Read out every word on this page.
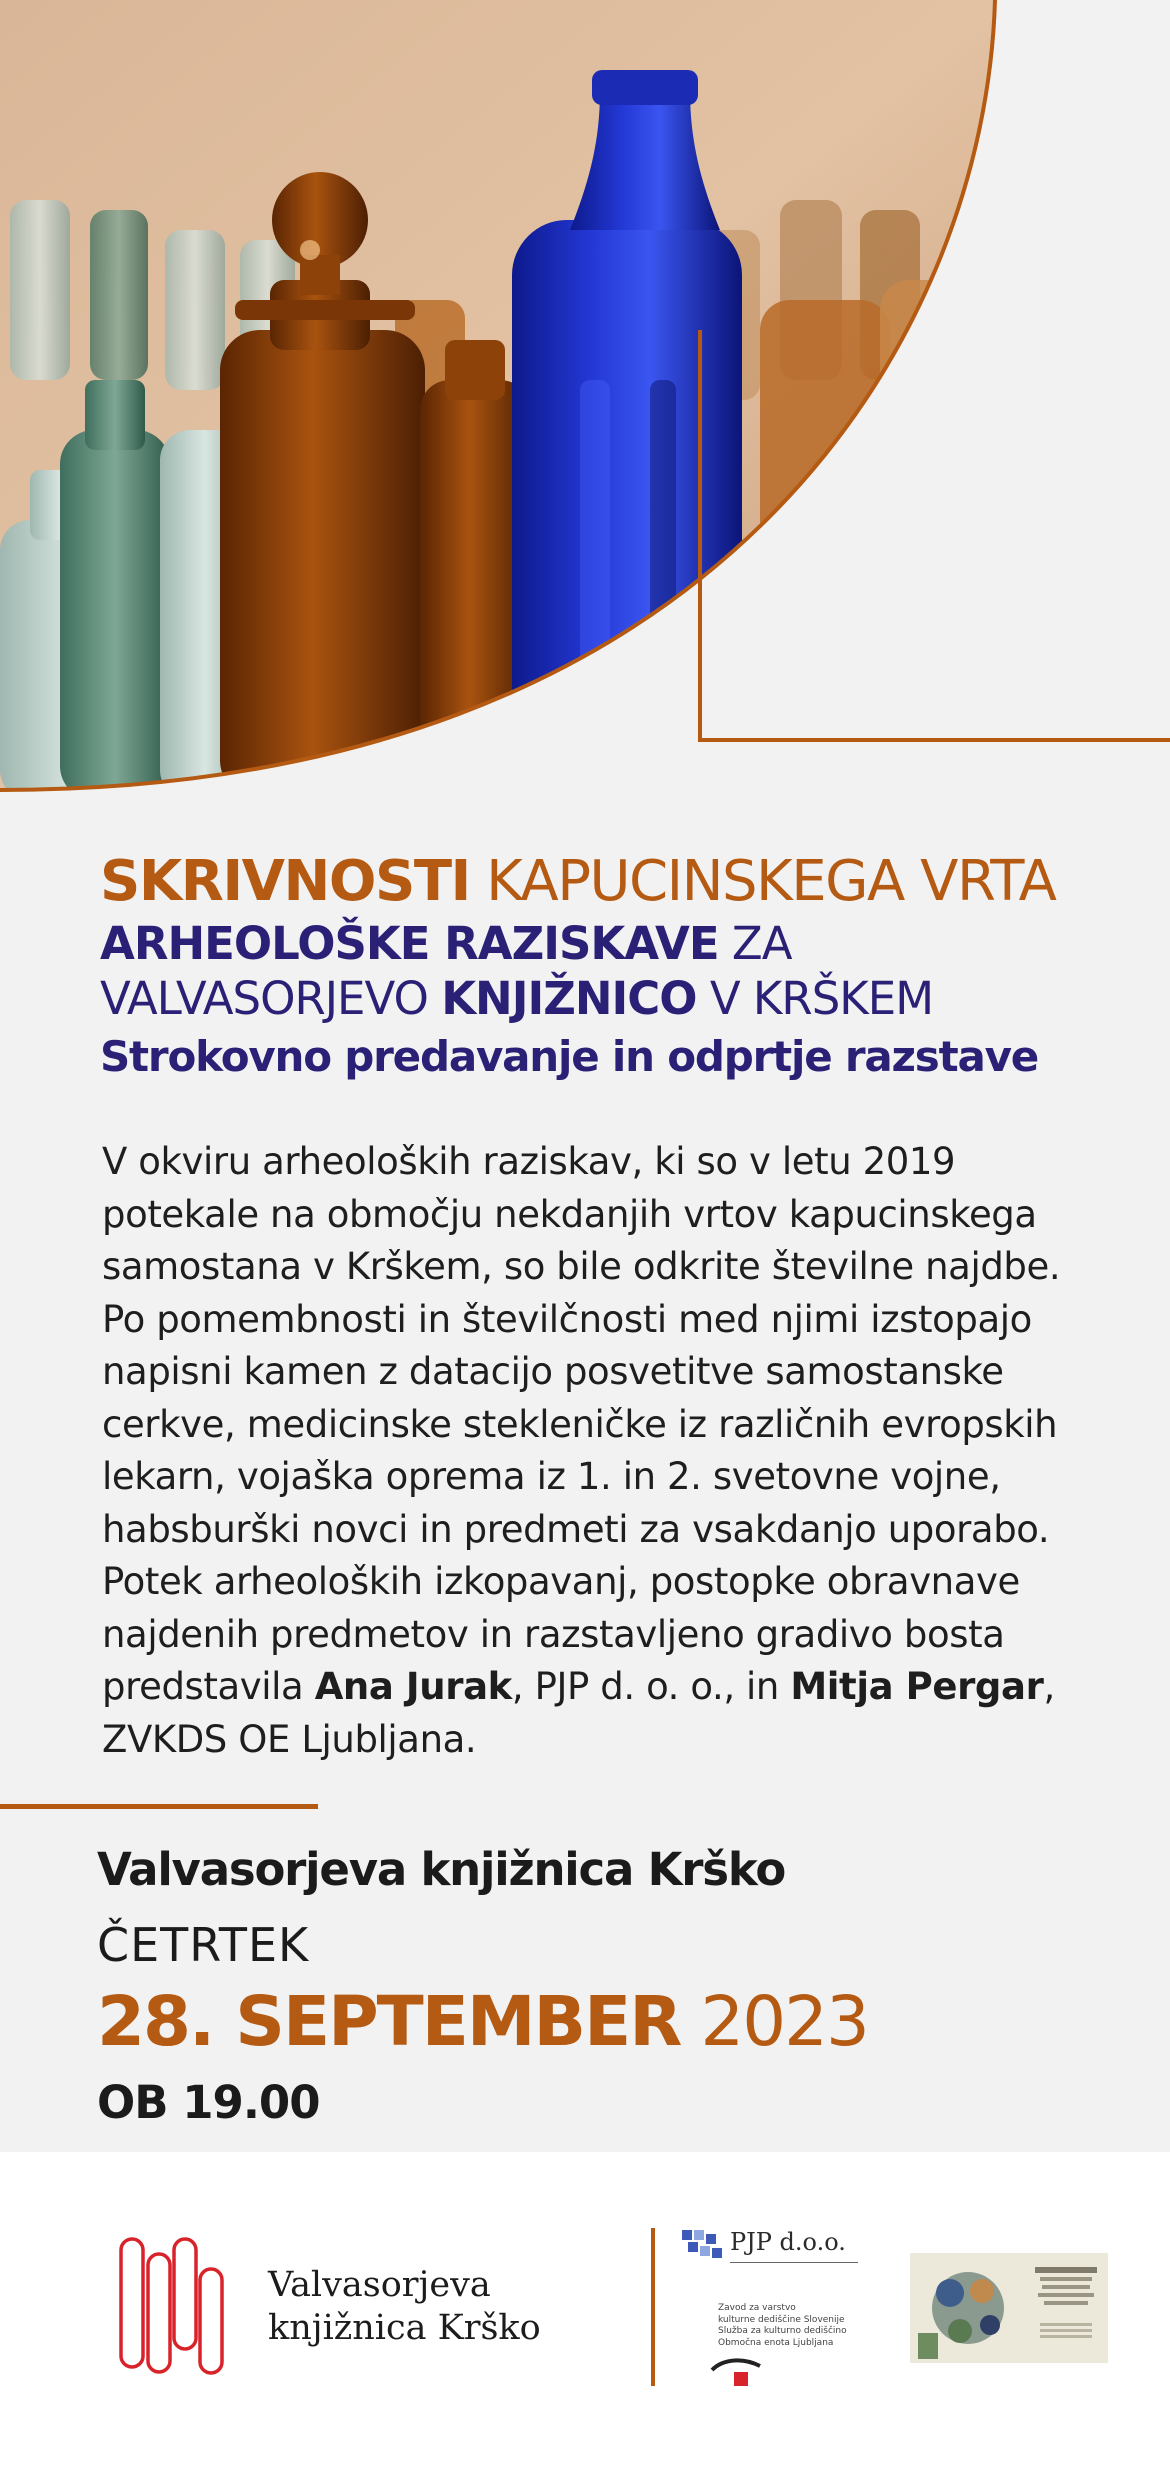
SKRIVNOSTI KAPUCINSKEGA VRTA
ARHEOLOŠKE RAZISKAVE ZA
VALVASORJEVO KNJIŽNICO V KRŠKEM
Strokovno predavanje in odprtje razstave
V okviru arheoloških raziskav, ki so v letu 2019 potekale na območju nekdanjih vrtov kapucinskega samostana v Krškem, so bile odkrite številne najdbe. Po pomembnosti in številčnosti med njimi izstopajo napisni kamen z datacijo posvetitve samostanske cerkve, medicinske stekleničke iz različnih evropskih lekarn, vojaška oprema iz 1. in 2. svetovne vojne, habsburški novci in predmeti za vsakdanjo uporabo. Potek arheoloških izkopavanj, postopke obravnave najdenih predmetov in razstavljeno gradivo bosta predstavila Ana Jurak, PJP d. o. o., in Mitja Pergar, ZVKDS OE Ljubljana.
Valvasorjeva knjižnica Krško
ČETRTEK
28. SEPTEMBER 2023
OB 19.00
Valvasorjeva
knjižnica Krško
PJP d.o.o.
Zavod za varstvo
kulturne dediščine Slovenije
Služba za kulturno dediščino
Območna enota Ljubljana
